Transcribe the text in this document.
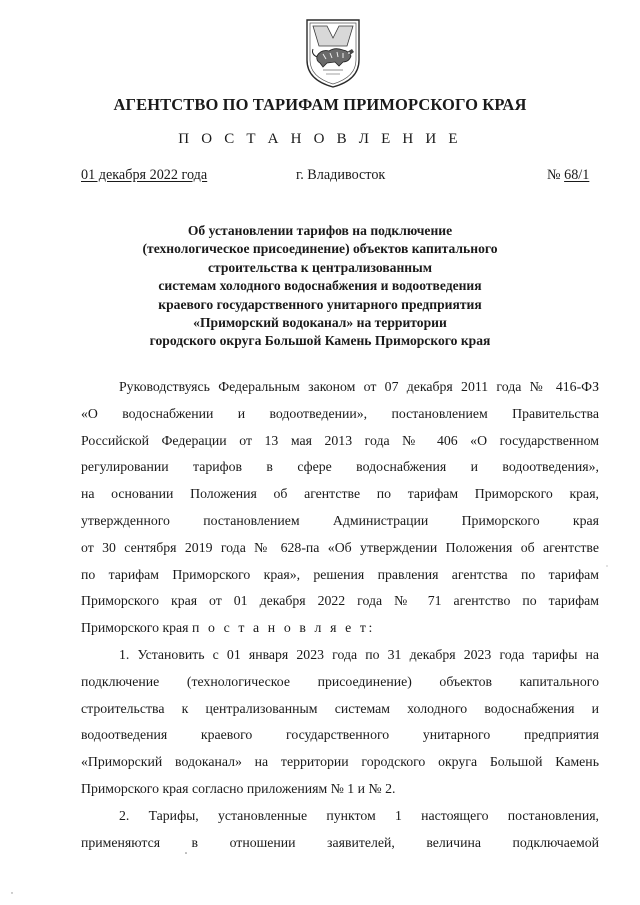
АГЕНТСТВО ПО ТАРИФАМ ПРИМОРСКОГО КРАЯ
П О С Т А Н О В Л Е Н И Е
01 декабря 2022 года	г. Владивосток	№ 68/1
Об установлении тарифов на подключение
(технологическое присоединение) объектов капитального
строительства к централизованным
системам холодного водоснабжения и водоотведения
краевого государственного унитарного предприятия
«Приморский водоканал» на территории
городского округа Большой Камень Приморского края
Руководствуясь Федеральным законом от 07 декабря 2011 года № 416-ФЗ
«О водоснабжении и водоотведении», постановлением Правительства
Российской Федерации от 13 мая 2013 года № 406 «О государственном
регулировании тарифов в сфере водоснабжения и водоотведения»,
на основании Положения об агентстве по тарифам Приморского края,
утвержденного постановлением Администрации Приморского края
от 30 сентября 2019 года № 628-па «Об утверждении Положения об агентстве
по тарифам Приморского края», решения правления агентства по тарифам
Приморского края от 01 декабря 2022 года № 71 агентство по тарифам
Приморского края п о с т а н о в л я е т:
1. Установить с 01 января 2023 года по 31 декабря 2023 года тарифы на
подключение (технологическое присоединение) объектов капитального
строительства к централизованным системам холодного водоснабжения и
водоотведения краевого государственного унитарного предприятия
«Приморский водоканал» на территории городского округа Большой Камень
Приморского края согласно приложениям № 1 и № 2.
2. Тарифы, установленные пунктом 1 настоящего постановления,
применяются в отношении заявителей, величина подключаемой
